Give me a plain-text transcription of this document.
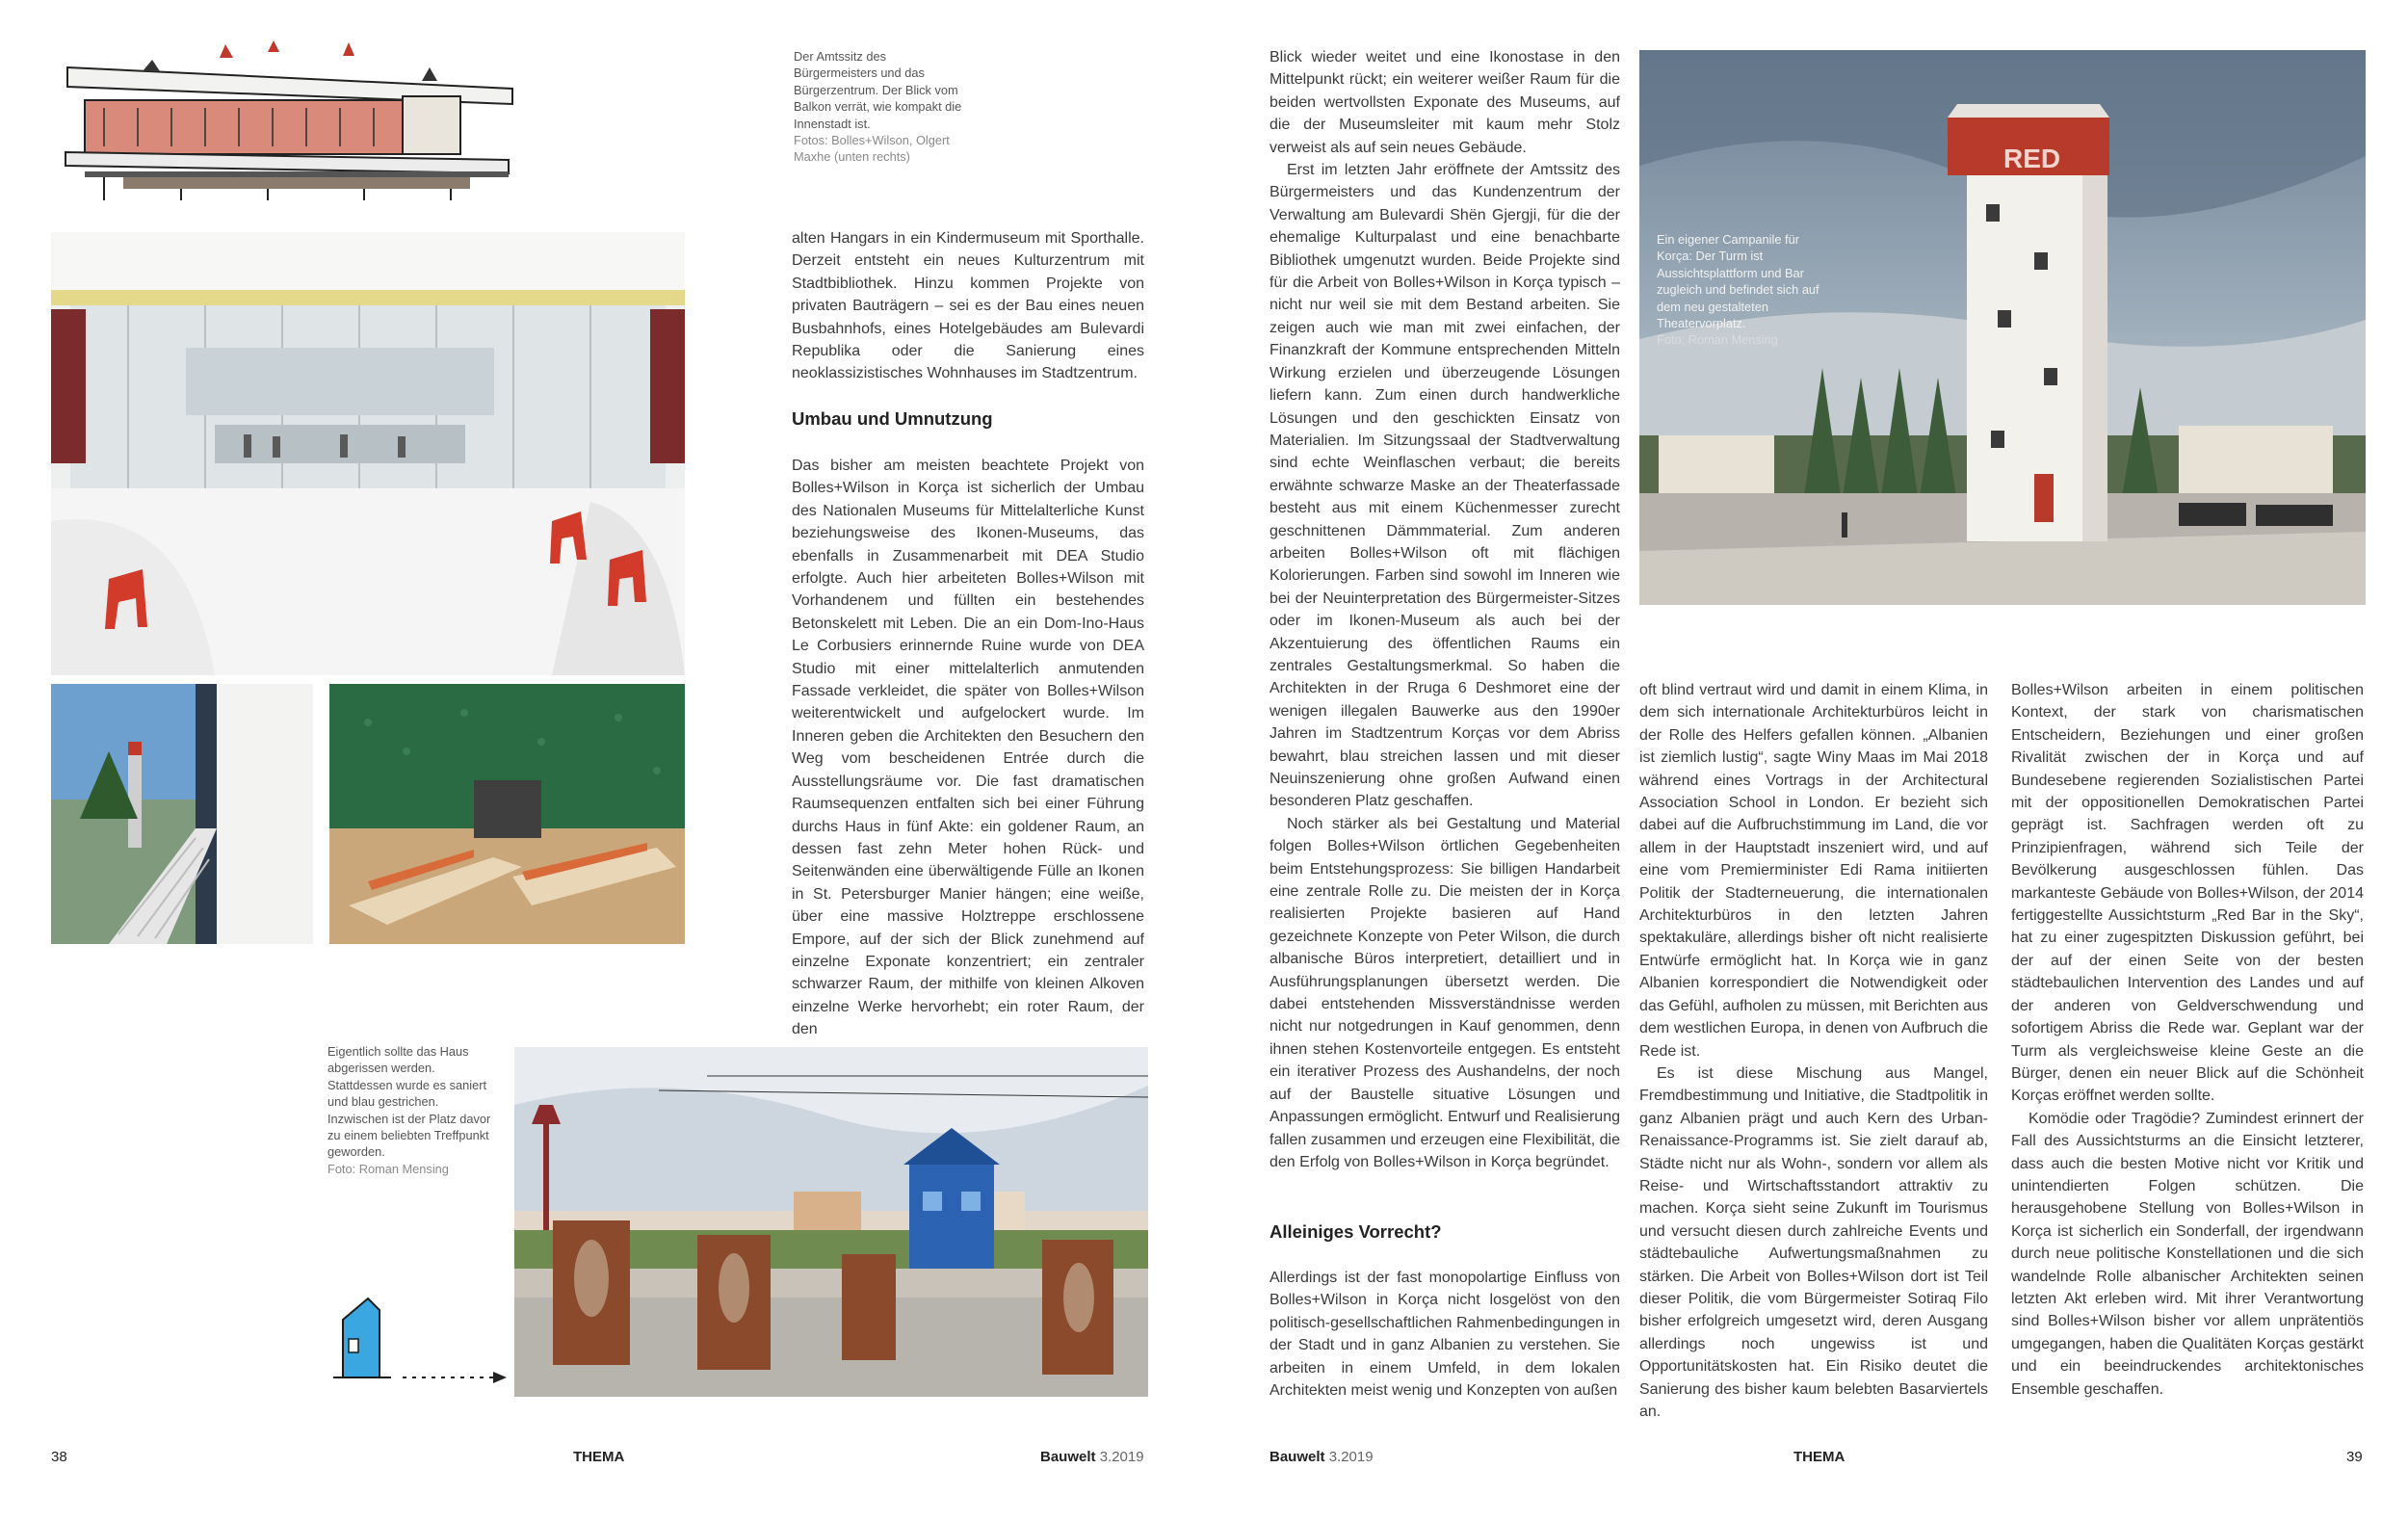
Der Amtssitz des Bürgermeisters und das Bürgerzentrum. Der Blick vom Balkon verrät, wie kompakt die Innenstadt ist.
Fotos: Bolles+Wilson, Olgert Maxhe (unten rechts)

alten Hangars in ein Kindermuseum mit Sporthalle. Derzeit entsteht ein neues Kulturzentrum mit Stadtbibliothek. Hinzu kommen Projekte von privaten Bauträgern – sei es der Bau eines neuen Busbahnhofs, eines Hotelgebäudes am Bulevardi Republika oder die Sanierung eines neoklassizistisches Wohnhauses im Stadtzentrum.

Umbau und Umnutzung

Das bisher am meisten beachtete Projekt von Bolles+Wilson in Korça ist sicherlich der Umbau des Nationalen Museums für Mittelalterliche Kunst beziehungsweise des Ikonen-Museums, das ebenfalls in Zusammenarbeit mit DEA Studio erfolgte. Auch hier arbeiteten Bolles+Wilson mit Vorhandenem und füllten ein bestehendes Betonskelett mit Leben. Die an ein Dom-Ino-Haus Le Corbusiers erinnernde Ruine wurde von DEA Studio mit einer mittelalterlich anmutenden Fassade verkleidet, die später von Bolles+Wilson weiterentwickelt und aufgelockert wurde. Im Inneren geben die Architekten den Besuchern den Weg vom bescheidenen Entrée durch die Ausstellungsräume vor. Die fast dramatischen Raumsequenzen entfalten sich bei einer Führung durchs Haus in fünf Akte: ein goldener Raum, an dessen fast zehn Meter hohen Rück- und Seitenwänden eine überwältigende Fülle an Ikonen in St. Petersburger Manier hängen; eine weiße, über eine massive Holztreppe erschlossene Empore, auf der sich der Blick zunehmend auf einzelne Exponate konzentriert; ein zentraler schwarzer Raum, der mithilfe von kleinen Alkoven einzelne Werke hervorhebt; ein roter Raum, der den

Eigentlich sollte das Haus abgerissen werden. Stattdessen wurde es saniert und blau gestrichen. Inzwischen ist der Platz davor zu einem beliebten Treffpunkt geworden.
Foto: Roman Mensing
38	THEMA	Bauwelt 3.2019

Blick wieder weitet und eine Ikonostase in den Mittelpunkt rückt; ein weiterer weißer Raum für die beiden wertvollsten Exponate des Museums, auf die der Museumsleiter mit kaum mehr Stolz verweist als auf sein neues Gebäude.

Erst im letzten Jahr eröffnete der Amtssitz des Bürgermeisters und das Kundenzentrum der Verwaltung am Bulevardi Shën Gjergji, für die der ehemalige Kulturpalast und eine benachbarte Bibliothek umgenutzt wurden. Beide Projekte sind für die Arbeit von Bolles+Wilson in Korça typisch – nicht nur weil sie mit dem Bestand arbeiten. Sie zeigen auch wie man mit zwei einfachen, der Finanzkraft der Kommune entsprechenden Mitteln Wirkung erzielen und überzeugende Lösungen liefern kann. Zum einen durch handwerkliche Lösungen und den geschickten Einsatz von Materialien. Im Sitzungssaal der Stadtverwaltung sind echte Weinflaschen verbaut; die bereits erwähnte schwarze Maske an der Theaterfassade besteht aus mit einem Küchenmesser zurecht geschnittenen Dämmmaterial. Zum anderen arbeiten Bolles+Wilson oft mit flächigen Kolorierungen. Farben sind sowohl im Inneren wie bei der Neuinterpretation des Bürgermeister-Sitzes oder im Ikonen-Museum als auch bei der Akzentuierung des öffentlichen Raums ein zentrales Gestaltungsmerkmal. So haben die Architekten in der Rruga 6 Deshmoret eine der wenigen illegalen Bauwerke aus den 1990er Jahren im Stadtzentrum Korças vor dem Abriss bewahrt, blau streichen lassen und mit dieser Neuinszenierung ohne großen Aufwand einen besonderen Platz geschaffen.

Noch stärker als bei Gestaltung und Material folgen Bolles+Wilson örtlichen Gegebenheiten beim Entstehungsprozess: Sie billigen Handarbeit eine zentrale Rolle zu. Die meisten der in Korça realisierten Projekte basieren auf Hand gezeichnete Konzepte von Peter Wilson, die durch albanische Büros interpretiert, detailliert und in Ausführungsplanungen übersetzt werden. Die dabei entstehenden Missverständnisse werden nicht nur notgedrungen in Kauf genommen, denn ihnen stehen Kostenvorteile entgegen. Es entsteht ein iterativer Prozess des Aushandelns, der noch auf der Baustelle situative Lösungen und Anpassungen ermöglicht. Entwurf und Realisierung fallen zusammen und erzeugen eine Flexibilität, die den Erfolg von Bolles+Wilson in Korça begründet.

Alleiniges Vorrecht?

Allerdings ist der fast monopolartige Einfluss von Bolles+Wilson in Korça nicht losgelöst von den politisch-gesellschaftlichen Rahmenbedingungen in der Stadt und in ganz Albanien zu verstehen. Sie arbeiten in einem Umfeld, in dem lokalen Architekten meist wenig und Konzepten von außen

RED
Ein eigener Campanile für Korça: Der Turm ist Aussichtsplattform und Bar zugleich und befindet sich auf dem neu gestalteten Theatervorplatz.
Foto: Roman Mensing

oft blind vertraut wird und damit in einem Klima, in dem sich internationale Architekturbüros leicht in der Rolle des Helfers gefallen können. „Albanien ist ziemlich lustig“, sagte Winy Maas im Mai 2018 während eines Vortrags in der Architectural Association School in London. Er bezieht sich dabei auf die Aufbruchstimmung im Land, die vor allem in der Hauptstadt inszeniert wird, und auf eine vom Premierminister Edi Rama initiierten Politik der Stadterneuerung, die internationalen Architekturbüros in den letzten Jahren spektakuläre, allerdings bisher oft nicht realisierte Entwürfe ermöglicht hat. In Korça wie in ganz Albanien korrespondiert die Notwendigkeit oder das Gefühl, aufholen zu müssen, mit Berichten aus dem westlichen Europa, in denen von Aufbruch die Rede ist.

Es ist diese Mischung aus Mangel, Fremdbestimmung und Initiative, die Stadtpolitik in ganz Albanien prägt und auch Kern des Urban-Renaissance-Programms ist. Sie zielt darauf ab, Städte nicht nur als Wohn-, sondern vor allem als Reise- und Wirtschaftsstandort attraktiv zu machen. Korça sieht seine Zukunft im Tourismus und versucht diesen durch zahlreiche Events und städtebauliche Aufwertungsmaßnahmen zu stärken. Die Arbeit von Bolles+Wilson dort ist Teil dieser Politik, die vom Bürgermeister Sotiraq Filo bisher erfolgreich umgesetzt wird, deren Ausgang allerdings noch ungewiss ist und Opportunitätskosten hat. Ein Risiko deutet die Sanierung des bisher kaum belebten Basarviertels an.

Bolles+Wilson arbeiten in einem politischen Kontext, der stark von charismatischen Entscheidern, Beziehungen und einer großen Rivalität zwischen der in Korça und auf Bundesebene regierenden Sozialistischen Partei mit der oppositionellen Demokratischen Partei geprägt ist. Sachfragen werden oft zu Prinzipienfragen, während sich Teile der Bevölkerung ausgeschlossen fühlen. Das markanteste Gebäude von Bolles+Wilson, der 2014 fertiggestellte Aussichtsturm „Red Bar in the Sky“, hat zu einer zugespitzten Diskussion geführt, bei der auf der einen Seite von der besten städtebaulichen Intervention des Landes und auf der anderen von Geldverschwendung und sofortigem Abriss die Rede war. Geplant war der Turm als vergleichsweise kleine Geste an die Bürger, denen ein neuer Blick auf die Schönheit Korças eröffnet werden sollte.

Komödie oder Tragödie? Zumindest erinnert der Fall des Aussichtsturms an die Einsicht letzterer, dass auch die besten Motive nicht vor Kritik und unintendierten Folgen schützen. Die herausgehobene Stellung von Bolles+Wilson in Korça ist sicherlich ein Sonderfall, der irgendwann durch neue politische Konstellationen und die sich wandelnde Rolle albanischer Architekten seinen letzten Akt erleben wird. Mit ihrer Verantwortung sind Bolles+Wilson bisher vor allem unprätentiös umgegangen, haben die Qualitäten Korças gestärkt und ein beeindruckendes architektonisches Ensemble geschaffen.

Bauwelt 3.2019	THEMA	39
